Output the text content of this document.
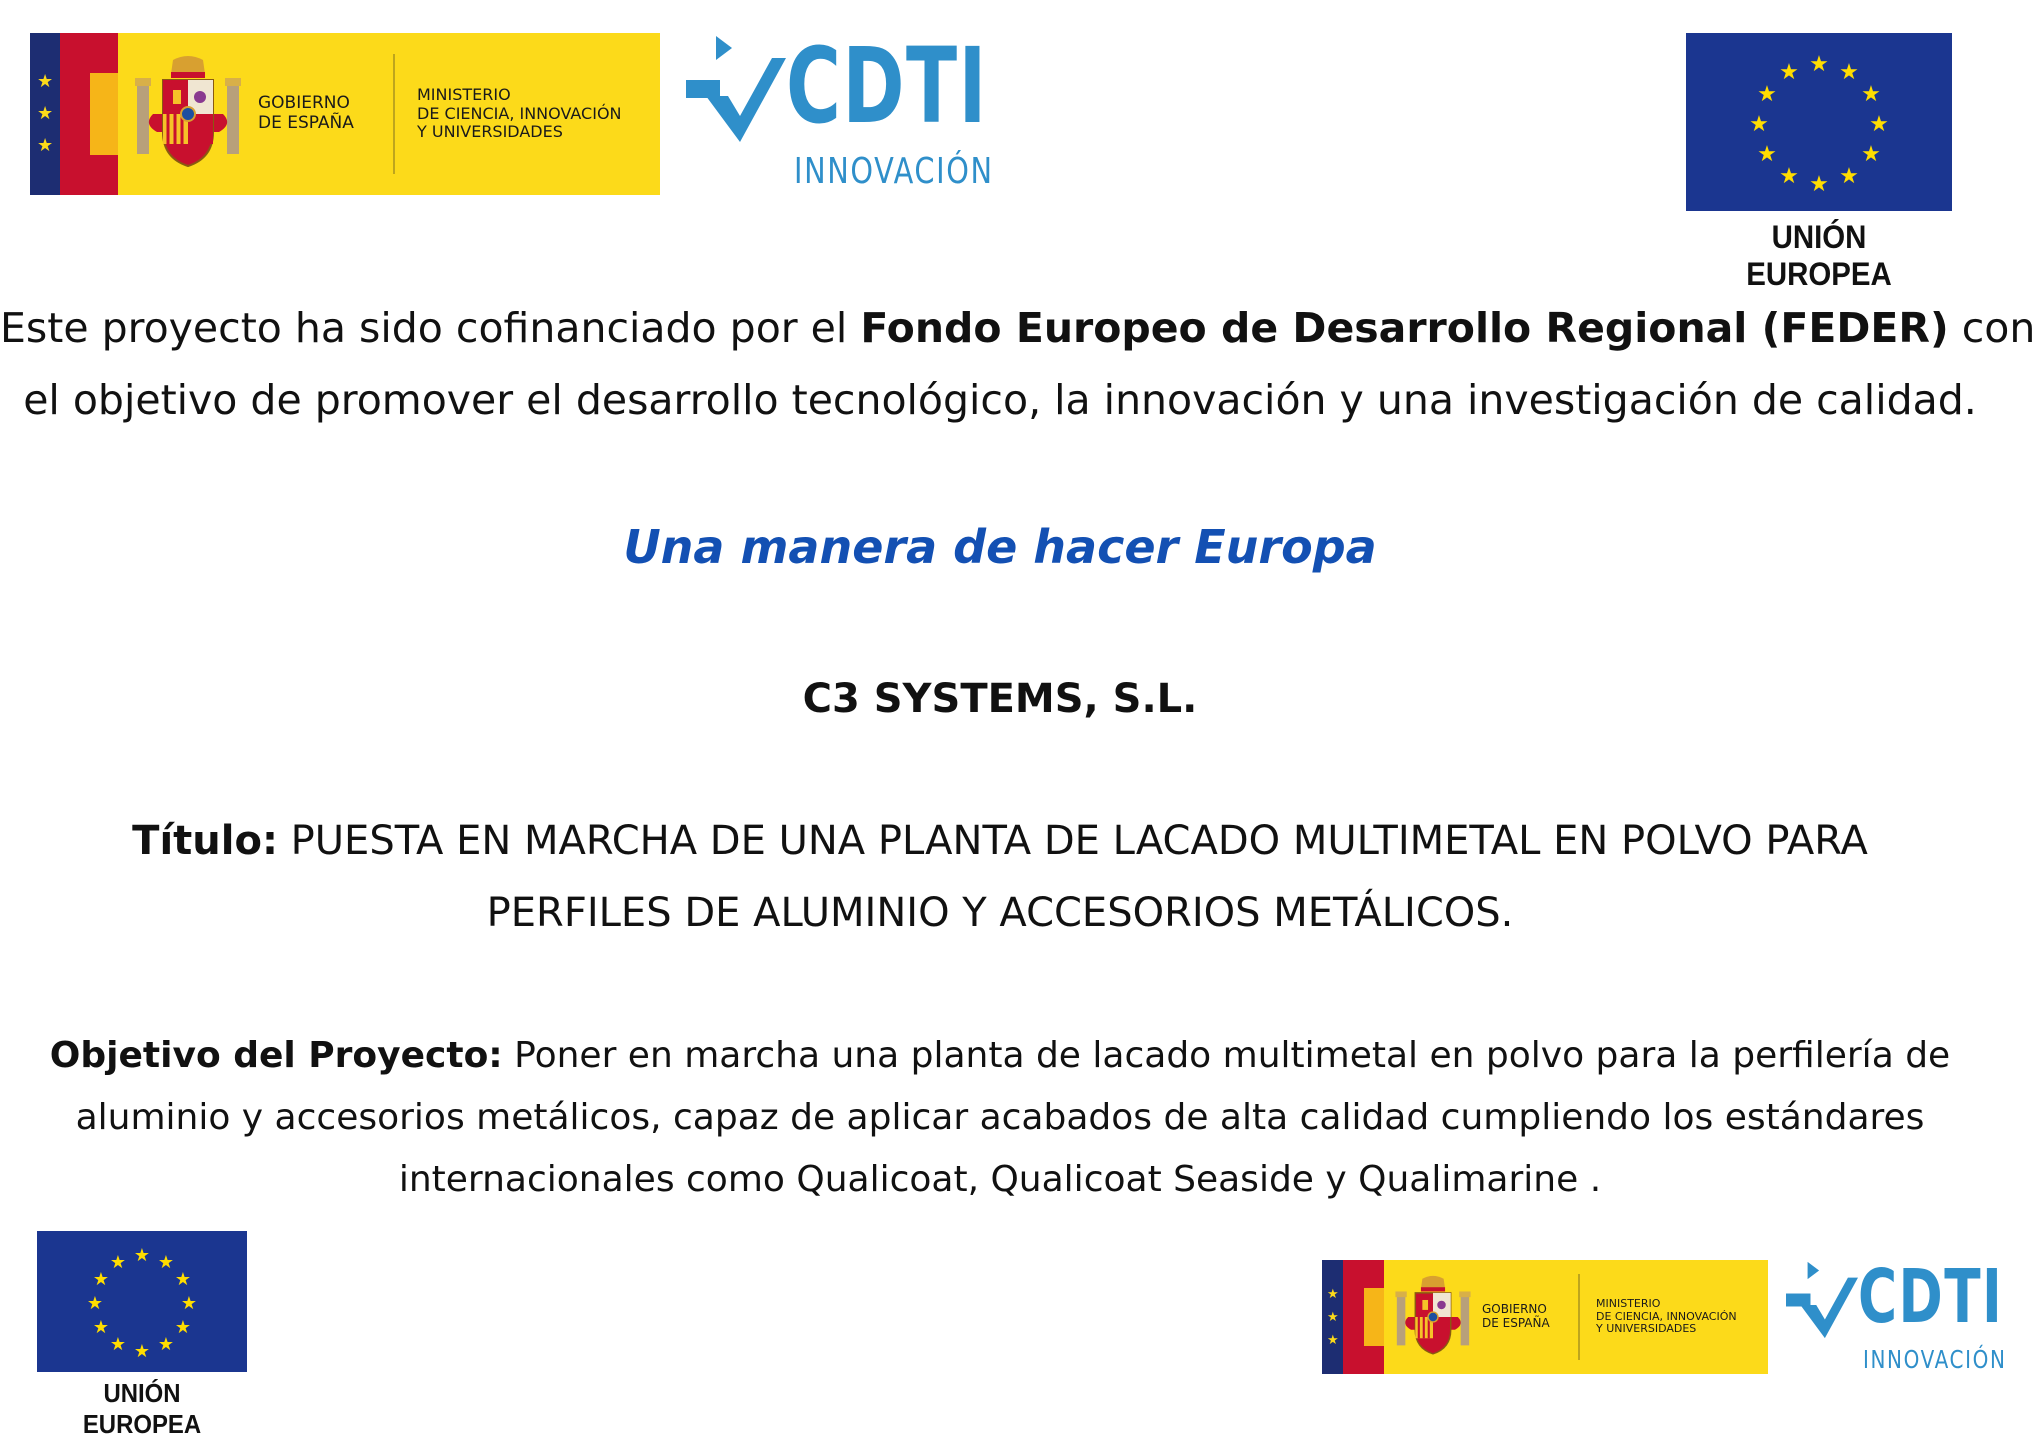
★
★
★
GOBIERNO
DE ESPAÑA
MINISTERIO
DE CIENCIA, INNOVACIÓN
Y UNIVERSIDADES	CDTI
INNOVACIÓN
★ ★
★
★
★
★
★
★
★
★
★
★
UNIÓN EUROPEA
Este proyecto ha sido cofinanciado por el Fondo Europeo de Desarrollo Regional (FEDER) con
el objetivo de promover el desarrollo tecnológico, la innovación y una investigación de calidad.
Una manera de hacer Europa
C3 SYSTEMS, S.L.
Título: PUESTA EN MARCHA DE UNA PLANTA DE LACADO MULTIMETAL EN POLVO PARA
PERFILES DE ALUMINIO Y ACCESORIOS METÁLICOS.
Objetivo del Proyecto: Poner en marcha una planta de lacado multimetal en polvo para la perfilería de
aluminio y accesorios metálicos, capaz de aplicar acabados de alta calidad cumpliendo los estándares
internacionales como Qualicoat, Qualicoat Seaside y Qualimarine .
★ ★
★
★
★
★
★
★
★
★
★
★
UNIÓN EUROPEA
★
★
★
GOBIERNO
DE ESPAÑA
MINISTERIO
DE CIENCIA, INNOVACIÓN
Y UNIVERSIDADES	CDTI
INNOVACIÓN
